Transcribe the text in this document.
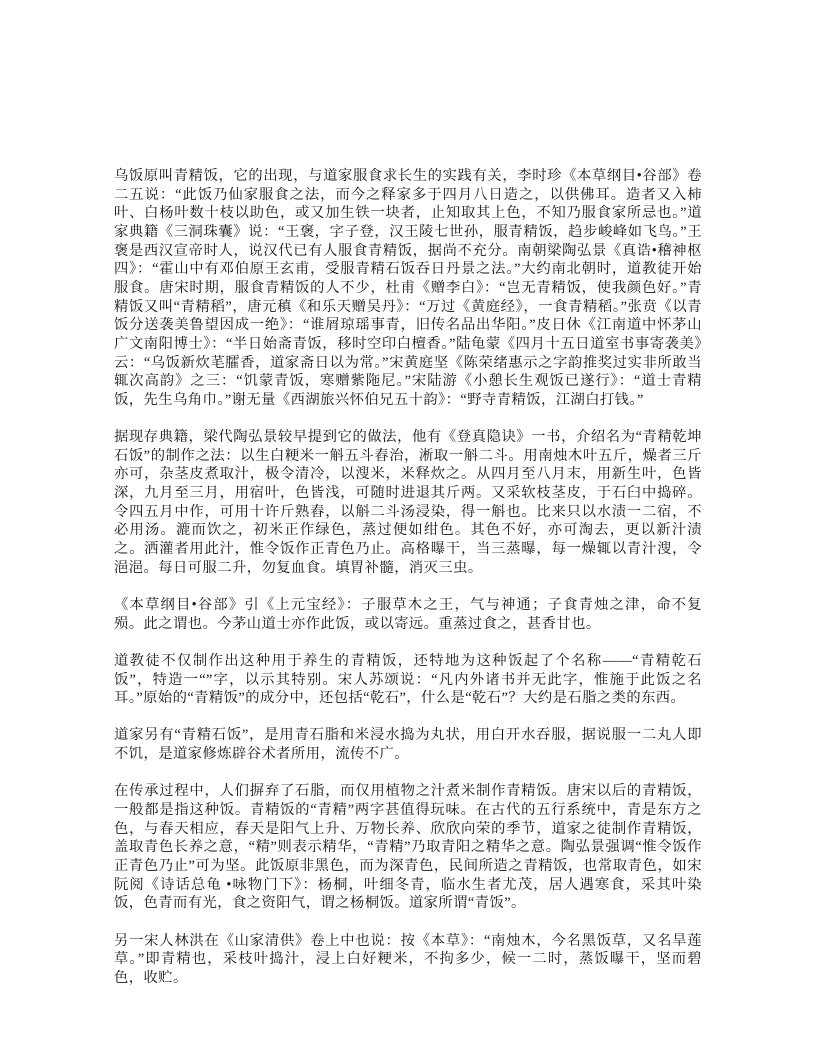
乌饭原叫青精饭，它的出现，与道家服食求长生的实践有关，李时珍《本草纲目•谷部》卷二五说：“此饭乃仙家服食之法，而今之释家多于四月八日造之，以供佛耳。造者又入柿叶、白杨叶数十枝以助色，或又加生铁一块者，止知取其上色，不知乃服食家所忌也。”道家典籍《三洞珠囊》说：“王褒，字子登，汉王陵七世孙，服青精饭，趋步峻峰如飞鸟。”王褒是西汉宣帝时人，说汉代已有人服食青精饭，据尚不充分。南朝梁陶弘景《真诰•稽神枢四》：“霍山中有邓伯原王玄甫，受服青精石饭吞日丹景之法。”大约南北朝时，道教徒开始服食。唐宋时期，服食青精饭的人不少，杜甫《赠李白》：“岂无青精饭，使我颜色好。”青精饭又叫“青精稻”，唐元稹《和乐天赠吴丹》：“万过《黄庭经》，一食青精稻。”张贲《以青饭分送袭美鲁望因成一绝》：“谁屑琼瑶事青，旧传名品出华阳。”皮日休《江南道中怀茅山广文南阳博士》：“半日始斋青饭，移时空印白檀香。”陆龟蒙《四月十五日道室书事寄袭美》云：“乌饭新炊芼臛香，道家斋日以为常。”宋黄庭坚《陈荣绪惠示之字韵推奖过实非所敢当辄次高韵》之三：“饥蒙青饭，寒赠紫陁尼。”宋陆游《小憩长生观饭已遂行》：“道士青精饭，先生乌角巾。”谢无量《西湖旅兴怀伯兄五十韵》：“野寺青精饭，江湖白打钱。”

据现存典籍，梁代陶弘景较早提到它的做法，他有《登真隐诀》一书，介绍名为“青精乾坤石饭”的制作之法：以生白粳米一斛五斗舂治，淅取一斛二斗。用南烛木叶五斤，燥者三斤亦可，杂茎皮煮取汁，极令清冷，以溲米，米释炊之。从四月至八月末，用新生叶，色皆深，九月至三月，用宿叶，色皆浅，可随时进退其斤两。又采软枝茎皮，于石臼中捣碎。令四五月中作，可用十许斤熟舂，以斛二斗汤浸染，得一斛也。比来只以水渍一二宿，不必用汤。漉而饮之，初米正作绿色，蒸过便如绀色。其色不好，亦可淘去，更以新汁渍之。洒灌者用此汁，惟令饭作正青色乃止。高格曝干，当三蒸曝，每一燥辄以青汁溲，令浥浥。每日可服二升，勿复血食。填胃补髓，消灭三虫。

《本草纲目•谷部》引《上元宝经》：子服草木之王，气与神通；子食青烛之津，命不复殒。此之谓也。今茅山道士亦作此饭，或以寄远。重蒸过食之，甚香甘也。

道教徒不仅制作出这种用于养生的青精饭，还特地为这种饭起了个名称——“青精乾石饭”，特造一“”字，以示其特别。宋人苏颂说：“凡内外诸书并无此字，惟施于此饭之名耳。”原始的“青精饭”的成分中，还包括“乾石”，什么是“乾石”？大约是石脂之类的东西。

道家另有“青精石饭”，是用青石脂和米浸水捣为丸状，用白开水吞服，据说服一二丸人即不饥，是道家修炼辟谷术者所用，流传不广。

在传承过程中，人们摒弃了石脂，而仅用植物之汁煮米制作青精饭。唐宋以后的青精饭，一般都是指这种饭。青精饭的“青精”两字甚值得玩味。在古代的五行系统中，青是东方之色，与春天相应，春天是阳气上升、万物长养、欣欣向荣的季节，道家之徒制作青精饭，盖取青色长养之意，“精”则表示精华，“青精”乃取青阳之精华之意。陶弘景强调“惟令饭作正青色乃止”可为坚。此饭原非黑色，而为深青色，民间所造之青精饭，也常取青色，如宋阮阅《诗话总龟 •咏物门下》：杨桐，叶细冬青，临水生者尤茂，居人遇寒食，采其叶染饭，色青而有光，食之资阳气，谓之杨桐饭。道家所谓“青饭”。

另一宋人林洪在《山家清供》卷上中也说：按《本草》：“南烛木，今名黑饭草，又名旱莲草。”即青精也，采枝叶捣汁，浸上白好粳米，不拘多少，候一二时，蒸饭曝干，坚而碧色，收贮。
